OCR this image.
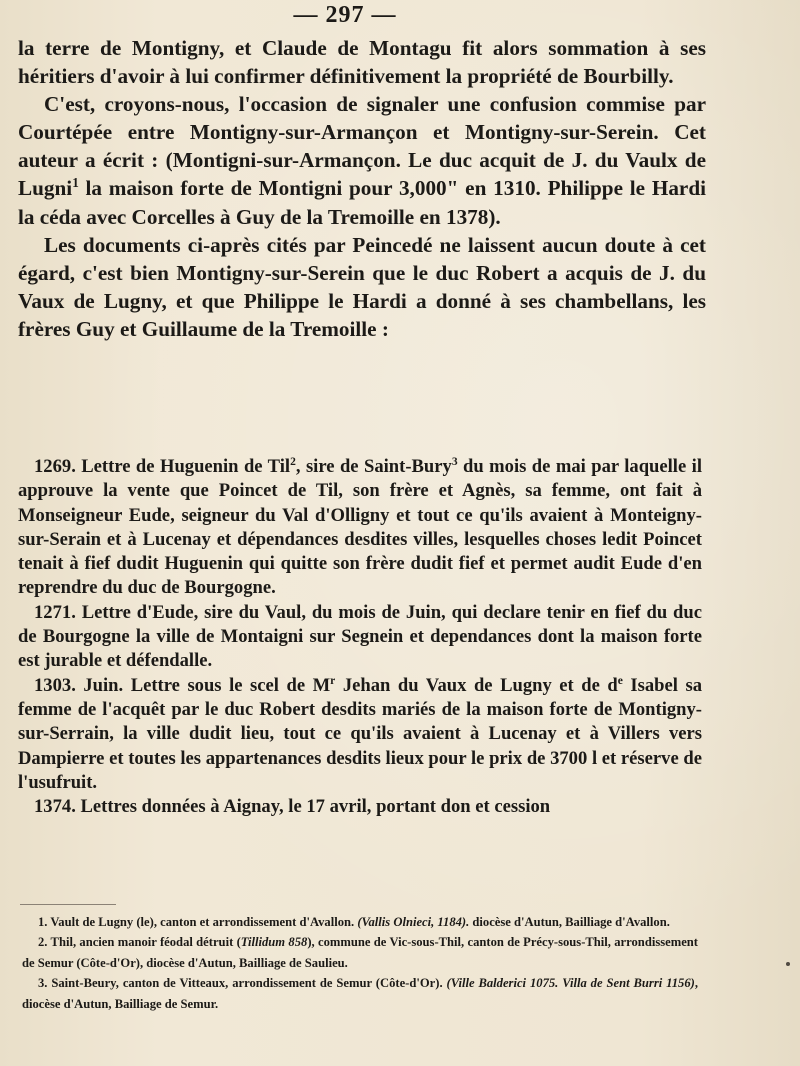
— 297 —

la terre de Montigny, et Claude de Montagu fit alors sommation à ses héritiers d'avoir à lui confirmer définitivement la propriété de Bourbilly.

C'est, croyons-nous, l'occasion de signaler une confusion commise par Courtépée entre Montigny-sur-Armançon et Montigny-sur-Serein. Cet auteur a écrit : (Montigni-sur-Armançon. Le duc acquit de J. du Vaulx de Lugni$^1$ la maison forte de Montigni pour 3,000" en 1310. Philippe le Hardi la céda avec Corcelles à Guy de la Tremoille en 1378).

Les documents ci-après cités par Peincedé ne laissent aucun doute à cet égard, c'est bien Montigny-sur-Serein que le duc Robert a acquis de J. du Vaux de Lugny, et que Philippe le Hardi a donné à ses chambellans, les frères Guy et Guillaume de la Tremoille :

1269. Lettre de Huguenin de Til$^2$, sire de Saint-Bury$^3$ du mois de mai par laquelle il approuve la vente que Poincet de Til, son frère et Agnès, sa femme, ont fait à Monseigneur Eude, seigneur du Val d'Olligny et tout ce qu'ils avaient à Monteigny-sur-Serain et à Lucenay et dépendances desdites villes, lesquelles choses ledit Poincet tenait à fief dudit Huguenin qui quitte son frère dudit fief et permet audit Eude d'en reprendre du duc de Bourgogne.

1271. Lettre d'Eude, sire du Vaul, du mois de Juin, qui declare tenir en fief du duc de Bourgogne la ville de Montaigni sur Segnein et dependances dont la maison forte est jurable et défendalle.

1303. Juin. Lettre sous le scel de $M^r$ Jehan du Vaux de Lugny et de $d^e$ Isabel sa femme de l'acquêt par le duc Robert desdits mariés de la maison forte de Montigny-sur-Serrain, la ville dudit lieu, tout ce qu'ils avaient à Lucenay et à Villers vers Dampierre et toutes les appartenances desdits lieux pour le prix de 3700 l et réserve de l'usufruit.

1374. Lettres données à Aignay, le 17 avril, portant don et cession

1. Vault de Lugny (le), canton et arrondissement d'Avallon. (Vallis Olnieci, 1184). diocèse d'Autun, Bailliage d'Avallon.

2. Thil, ancien manoir féodal détruit (Tillidum 858), commune de Vic-sous-Thil, canton de Précy-sous-Thil, arrondissement de Semur (Côte-d'Or), diocèse d'Autun, Bailliage de Saulieu.

3. Saint-Beury, canton de Vitteaux, arrondissement de Semur (Côte-d'Or). (Ville Balderici 1075. Villa de Sent Burri 1156), diocèse d'Autun, Bailliage de Semur.
